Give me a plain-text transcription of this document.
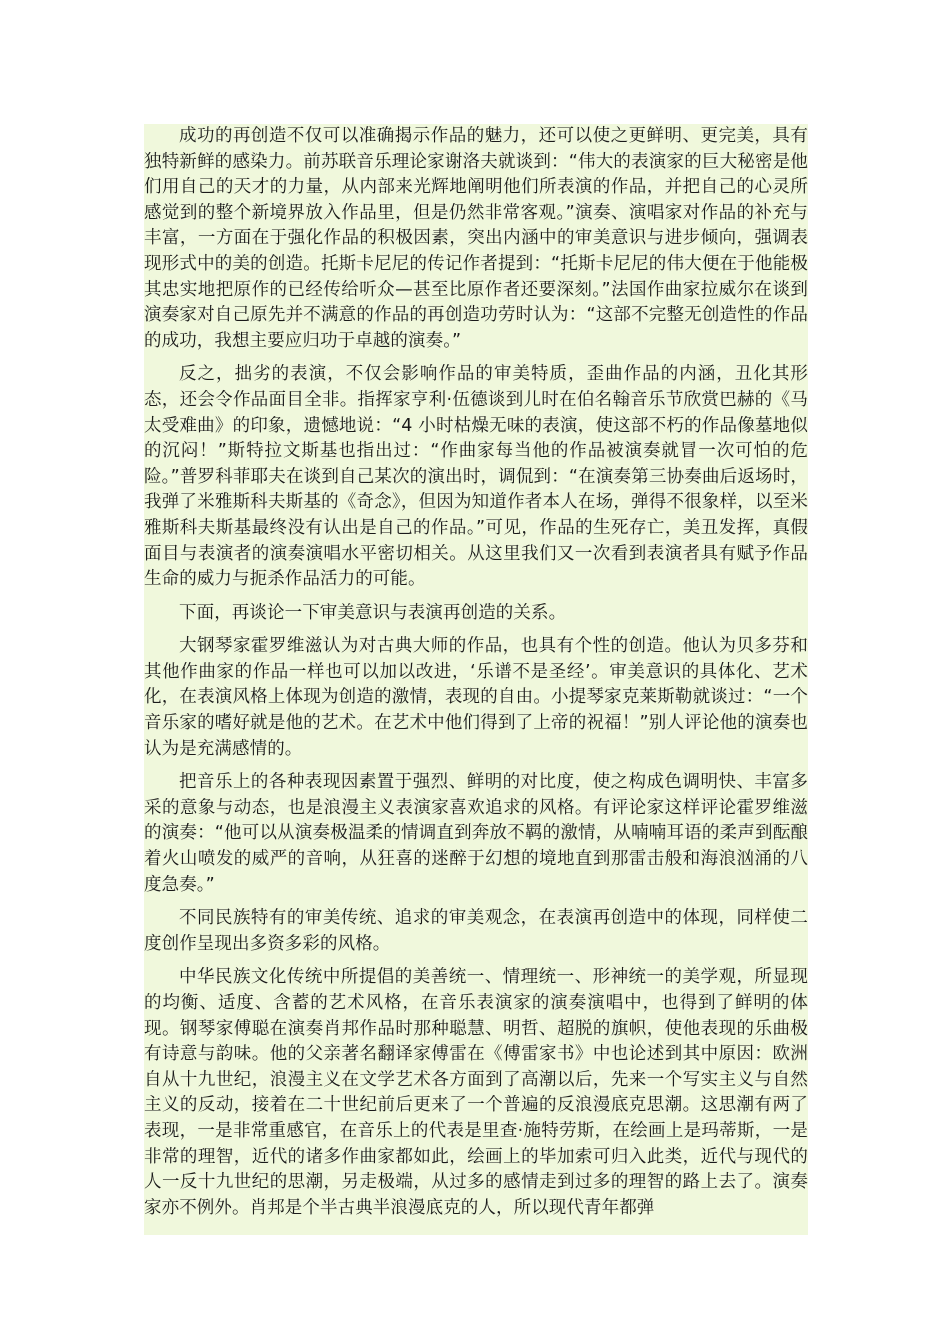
成功的再创造不仅可以准确揭示作品的魅力，还可以使之更鲜明、更完美，具有独特新鲜的感染力。前苏联音乐理论家谢洛夫就谈到：“伟大的表演家的巨大秘密是他们用自己的天才的力量，从内部来光辉地阐明他们所表演的作品，并把自己的心灵所感觉到的整个新境界放入作品里，但是仍然非常客观。”演奏、演唱家对作品的补充与丰富，一方面在于强化作品的积极因素，突出内涵中的审美意识与进步倾向，强调表现形式中的美的创造。托斯卡尼尼的传记作者提到：“托斯卡尼尼的伟大便在于他能极其忠实地把原作的已经传给听众—甚至比原作者还要深刻。”法国作曲家拉威尔在谈到演奏家对自己原先并不满意的作品的再创造功劳时认为：“这部不完整无创造性的作品的成功，我想主要应归功于卓越的演奏。”

反之，拙劣的表演，不仅会影响作品的审美特质，歪曲作品的内涵，丑化其形态，还会令作品面目全非。指挥家亨利·伍德谈到儿时在伯名翰音乐节欣赏巴赫的《马太受难曲》的印象，遗憾地说：“4 小时枯燥无味的表演，使这部不朽的作品像墓地似的沉闷！”斯特拉文斯基也指出过：“作曲家每当他的作品被演奏就冒一次可怕的危险。”普罗科菲耶夫在谈到自己某次的演出时，调侃到：“在演奏第三协奏曲后返场时，我弹了米雅斯科夫斯基的《奇念》，但因为知道作者本人在场，弹得不很象样，以至米雅斯科夫斯基最终没有认出是自己的作品。”可见，作品的生死存亡，美丑发挥，真假面目与表演者的演奏演唱水平密切相关。从这里我们又一次看到表演者具有赋予作品生命的威力与扼杀作品活力的可能。

下面，再谈论一下审美意识与表演再创造的关系。

大钢琴家霍罗维滋认为对古典大师的作品，也具有个性的创造。他认为贝多芬和其他作曲家的作品一样也可以加以改进，‘乐谱不是圣经’。审美意识的具体化、艺术化，在表演风格上体现为创造的激情，表现的自由。小提琴家克莱斯勒就谈过：“一个音乐家的嗜好就是他的艺术。在艺术中他们得到了上帝的祝福！”别人评论他的演奏也认为是充满感情的。

把音乐上的各种表现因素置于强烈、鲜明的对比度，使之构成色调明快、丰富多采的意象与动态，也是浪漫主义表演家喜欢追求的风格。有评论家这样评论霍罗维滋的演奏：“他可以从演奏极温柔的情调直到奔放不羁的激情，从喃喃耳语的柔声到酝酿着火山喷发的威严的音响，从狂喜的迷醉于幻想的境地直到那雷击般和海浪汹涌的八度急奏。”

不同民族特有的审美传统、追求的审美观念，在表演再创造中的体现，同样使二度创作呈现出多资多彩的风格。

中华民族文化传统中所提倡的美善统一、情理统一、形神统一的美学观，所显现的均衡、适度、含蓄的艺术风格，在音乐表演家的演奏演唱中，也得到了鲜明的体现。钢琴家傅聪在演奏肖邦作品时那种聪慧、明哲、超脱的旗帜，使他表现的乐曲极有诗意与韵味。他的父亲著名翻译家傅雷在《傅雷家书》中也论述到其中原因：欧洲自从十九世纪，浪漫主义在文学艺术各方面到了高潮以后，先来一个写实主义与自然主义的反动，接着在二十世纪前后更来了一个普遍的反浪漫底克思潮。这思潮有两了表现，一是非常重感官，在音乐上的代表是里查·施特劳斯，在绘画上是玛蒂斯，一是非常的理智，近代的诸多作曲家都如此，绘画上的毕加索可归入此类，近代与现代的人一反十九世纪的思潮，另走极端，从过多的感情走到过多的理智的路上去了。演奏家亦不例外。肖邦是个半古典半浪漫底克的人，所以现代青年都弹
